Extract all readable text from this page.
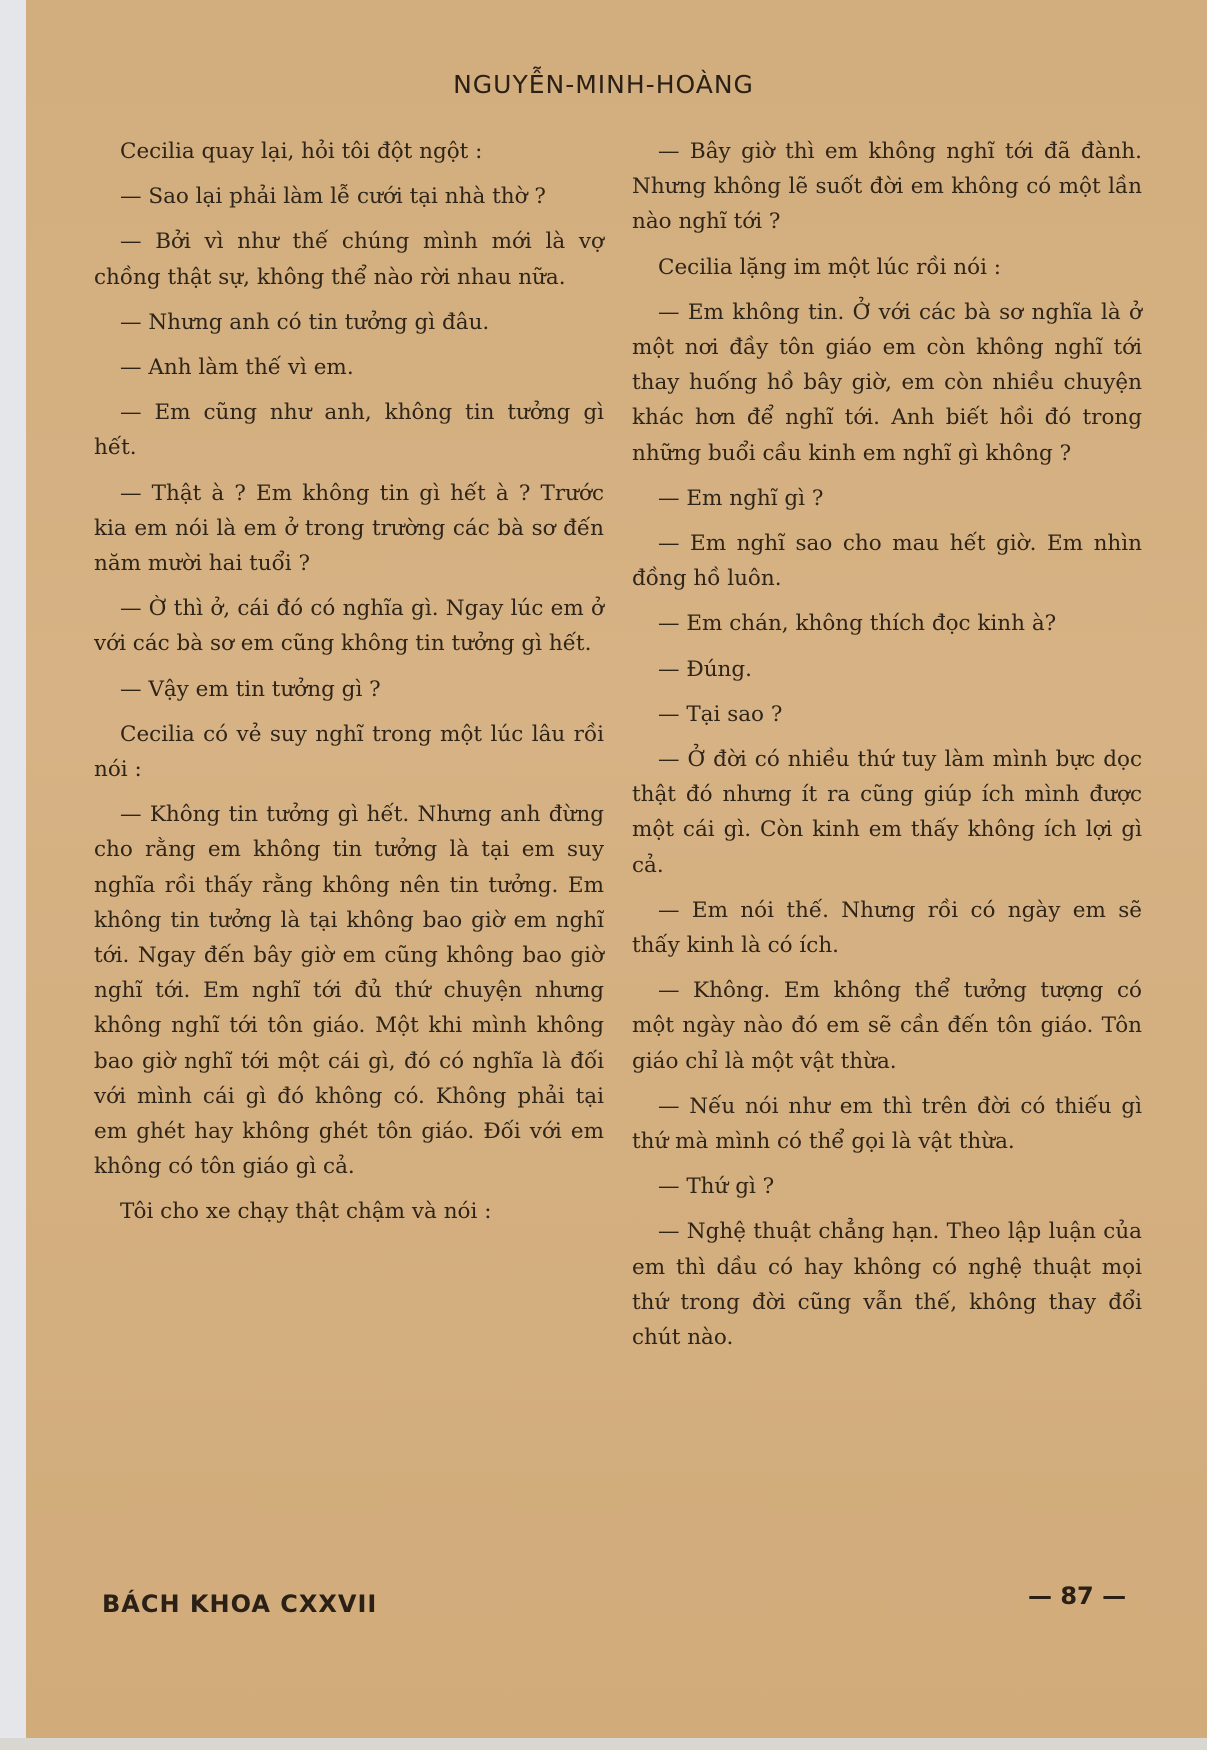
NGUYỄN-MINH-HOÀNG

Cecilia quay lại, hỏi tôi đột ngột :

— Sao lại phải làm lễ cưới tại nhà thờ ?

— Bởi vì như thế chúng mình mới là vợ chồng thật sự, không thể nào rời nhau nữa.

— Nhưng anh có tin tưởng gì đâu.

— Anh làm thế vì em.

— Em cũng như anh, không tin tưởng gì hết.

— Thật à ? Em không tin gì hết à ? Trước kia em nói là em ở trong trường các bà sơ đến năm mười hai tuổi ?

— Ờ thì ở, cái đó có nghĩa gì. Ngay lúc em ở với các bà sơ em cũng không tin tưởng gì hết.

— Vậy em tin tưởng gì ?

Cecilia có vẻ suy nghĩ trong một lúc lâu rồi nói :

— Không tin tưởng gì hết. Nhưng anh đừng cho rằng em không tin tưởng là tại em suy nghĩa rồi thấy rằng không nên tin tưởng. Em không tin tưởng là tại không bao giờ em nghĩ tới. Ngay đến bây giờ em cũng không bao giờ nghĩ tới. Em nghĩ tới đủ thứ chuyện nhưng không nghĩ tới tôn giáo. Một khi mình không bao giờ nghĩ tới một cái gì, đó có nghĩa là đối với mình cái gì đó không có. Không phải tại em ghét hay không ghét tôn giáo. Đối với em không có tôn giáo gì cả.

Tôi cho xe chạy thật chậm và nói :

— Bây giờ thì em không nghĩ tới đã đành. Nhưng không lẽ suốt đời em không có một lần nào nghĩ tới ?

Cecilia lặng im một lúc rồi nói :

— Em không tin. Ở với các bà sơ nghĩa là ở một nơi đầy tôn giáo em còn không nghĩ tới thay huống hồ bây giờ, em còn nhiều chuyện khác hơn để nghĩ tới. Anh biết hồi đó trong những buổi cầu kinh em nghĩ gì không ?

— Em nghĩ gì ?

— Em nghĩ sao cho mau hết giờ. Em nhìn đồng hồ luôn.

— Em chán, không thích đọc kinh à?

— Đúng.

— Tại sao ?

— Ở đời có nhiều thứ tuy làm mình bực dọc thật đó nhưng ít ra cũng giúp ích mình được một cái gì. Còn kinh em thấy không ích lợi gì cả.

— Em nói thế. Nhưng rồi có ngày em sẽ thấy kinh là có ích.

— Không. Em không thể tưởng tượng có một ngày nào đó em sẽ cần đến tôn giáo. Tôn giáo chỉ là một vật thừa.

— Nếu nói như em thì trên đời có thiếu gì thứ mà mình có thể gọi là vật thừa.

— Thứ gì ?

— Nghệ thuật chẳng hạn. Theo lập luận của em thì dầu có hay không có nghệ thuật mọi thứ trong đời cũng vẫn thế, không thay đổi chút nào.

BÁCH KHOA CXXVII	— 87 —
